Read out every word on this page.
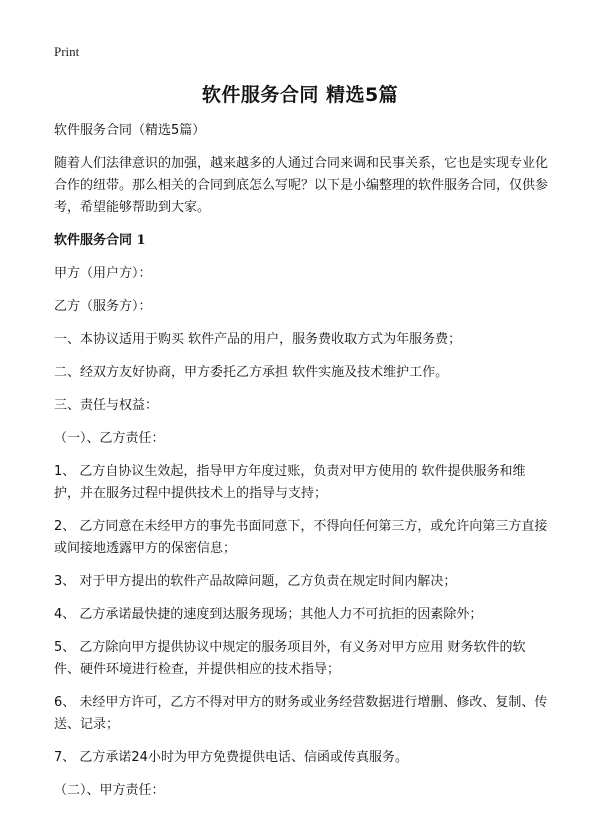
Print
软件服务合同 精选5篇

软件服务合同（精选5篇）

随着人们法律意识的加强，越来越多的人通过合同来调和民事关系，它也是实现专业化合作的纽带。那么相关的合同到底怎么写呢？以下是小编整理的软件服务合同，仅供参考，希望能够帮助到大家。

软件服务合同 1

甲方（用户方）：

乙方（服务方）：

一、本协议适用于购买 软件产品的用户，服务费收取方式为年服务费；

二、经双方友好协商，甲方委托乙方承担 软件实施及技术维护工作。

三、责任与权益：

（一）、乙方责任：

1、 乙方自协议生效起，指导甲方年度过账，负责对甲方使用的 软件提供服务和维护，并在服务过程中提供技术上的指导与支持；

2、 乙方同意在未经甲方的事先书面同意下，不得向任何第三方，或允许向第三方直接或间接地透露甲方的保密信息；

3、 对于甲方提出的软件产品故障问题，乙方负责在规定时间内解决；

4、 乙方承诺最快捷的速度到达服务现场；其他人力不可抗拒的因素除外；

5、 乙方除向甲方提供协议中规定的服务项目外，有义务对甲方应用 财务软件的软件、硬件环境进行检查，并提供相应的技术指导；

6、 未经甲方许可，乙方不得对甲方的财务或业务经营数据进行增删、修改、复制、传送、记录；

7、 乙方承诺24小时为甲方免费提供电话、信函或传真服务。

（二）、甲方责任：
